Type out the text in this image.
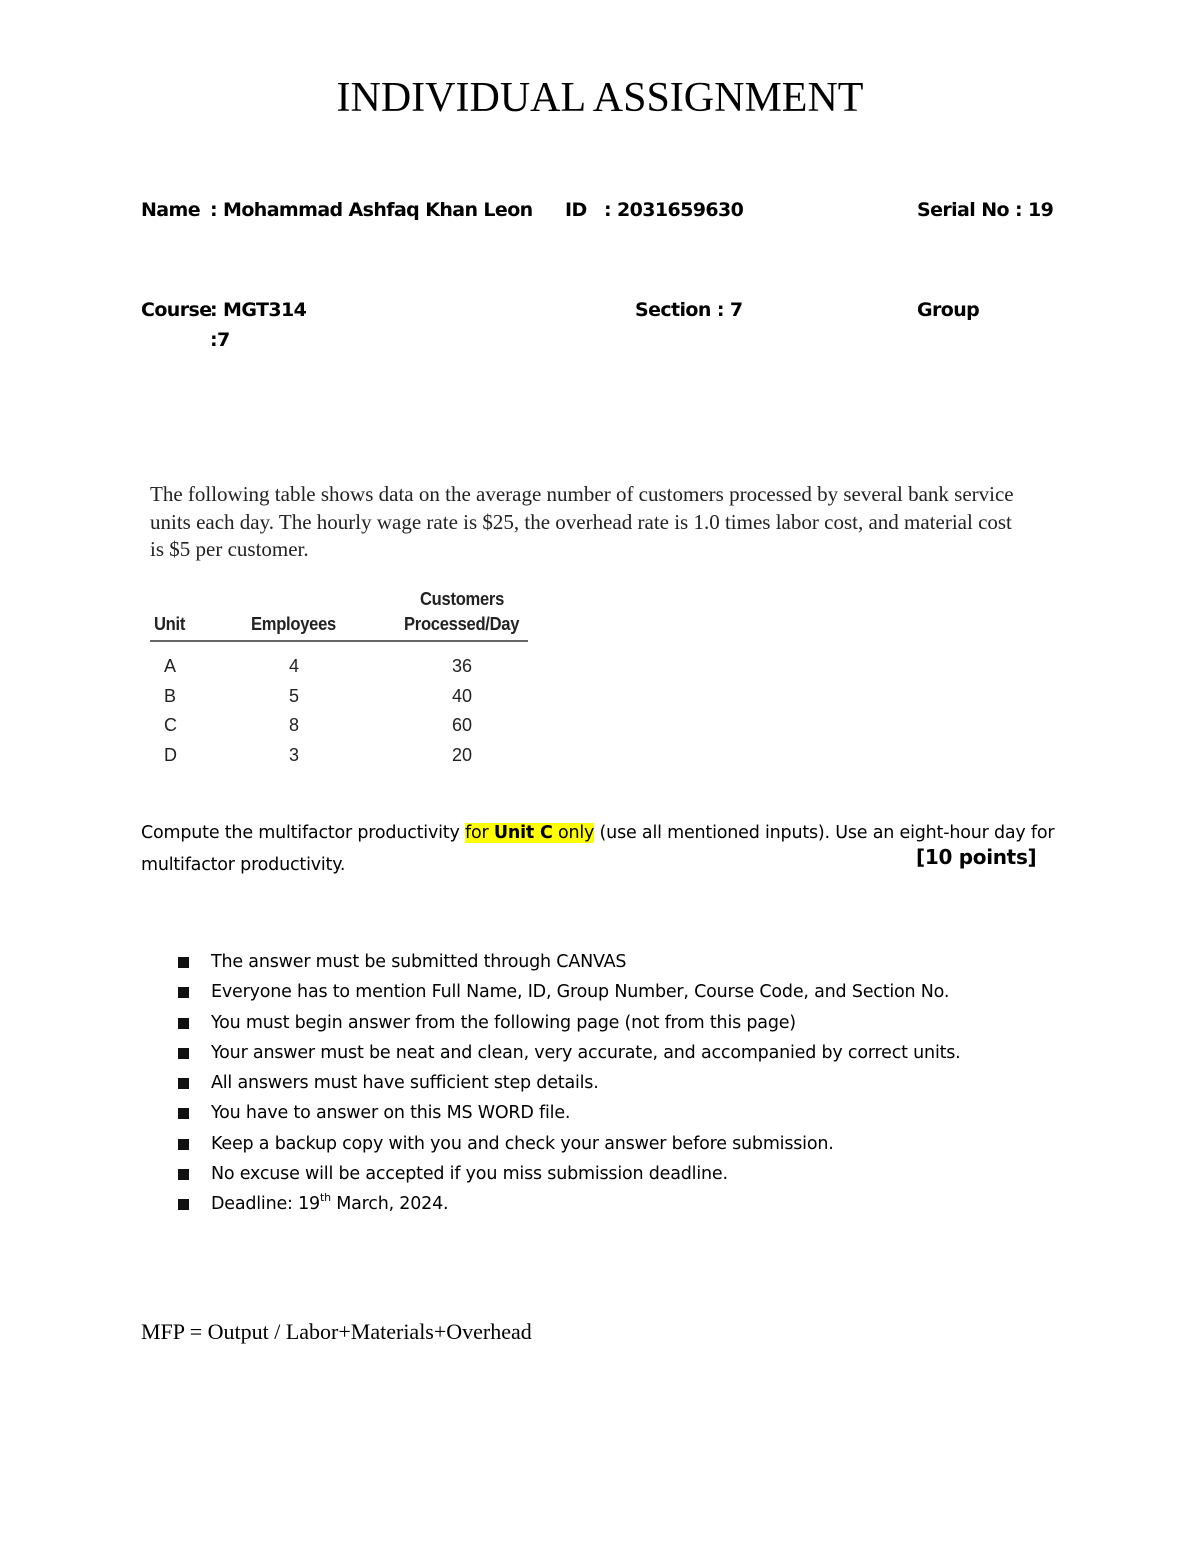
INDIVIDUAL ASSIGNMENT
Name : Mohammad Ashfaq Khan Leon ID : 2031659630	Serial No : 19
Course
: MGT314	Section : 7	Group
:7
The following table shows data on the average number of customers processed by several bank service units each day. The hourly wage rate is $25, the overhead rate is 1.0 times labor cost, and material cost is $5 per customer.
Customers
Unit	Employees	Processed/Day
A	4	36
B	5	40
C	8	60
D	3	20
Compute the multifactor productivity for Unit C only (use all mentioned inputs). Use an eight-hour day for multifactor productivity.	[10 points]
The answer must be submitted through CANVAS
Everyone has to mention Full Name, ID, Group Number, Course Code, and Section No.
You must begin answer from the following page (not from this page)
Your answer must be neat and clean, very accurate, and accompanied by correct units.
All answers must have sufficient step details.
You have to answer on this MS WORD file.
Keep a backup copy with you and check your answer before submission.
No excuse will be accepted if you miss submission deadline.
Deadline: 19th March, 2024.
MFP = Output / Labor+Materials+Overhead
